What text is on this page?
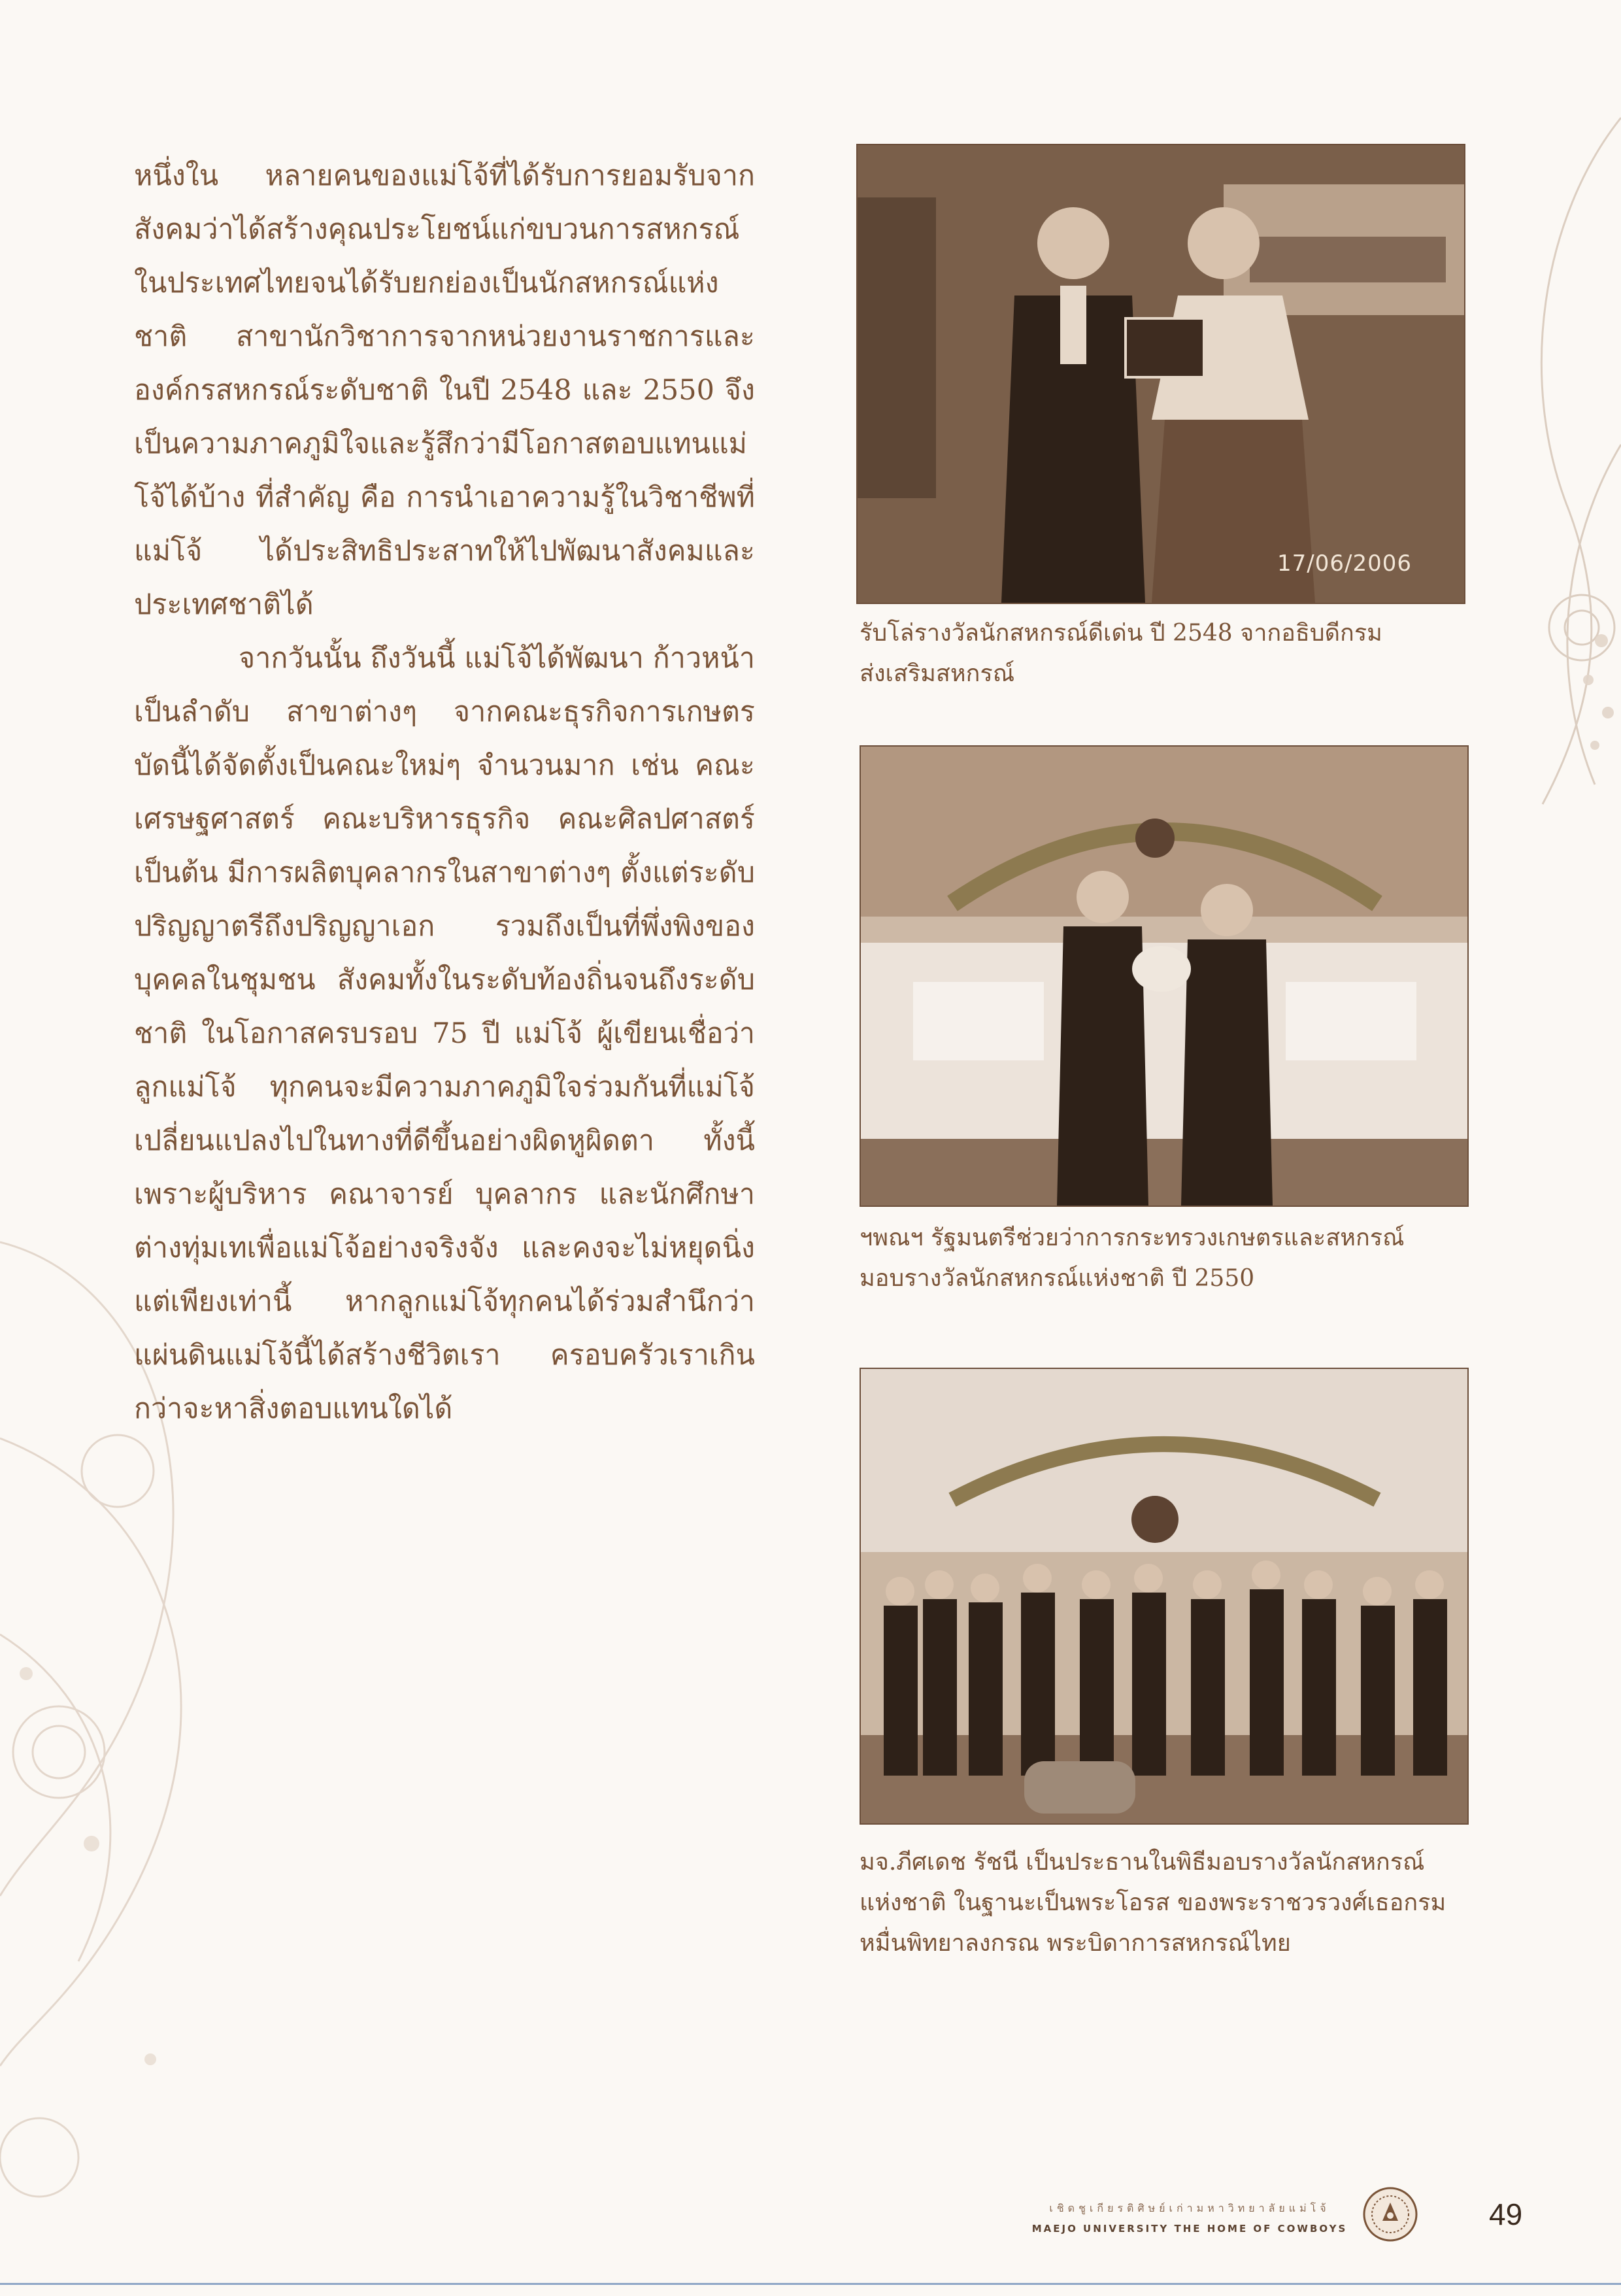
หนึ่งใน หลายคนของแม่โจ้ที่ได้รับการยอมรับจากสังคมว่าได้สร้างคุณประโยชน์แก่ขบวนการสหกรณ์ในประเทศไทยจนได้รับยกย่องเป็นนักสหกรณ์แห่งชาติ สาขานักวิชาการจากหน่วยงานราชการและองค์กรสหกรณ์ระดับชาติ ในปี 2548 และ 2550 จึงเป็นความภาคภูมิใจและรู้สึกว่ามีโอกาสตอบแทนแม่โจ้ได้บ้าง ที่สำคัญ คือ การนำเอาความรู้ในวิชาชีพที่แม่โจ้ ได้ประสิทธิประสาทให้ไปพัฒนาสังคมและประเทศชาติได้

จากวันนั้น ถึงวันนี้ แม่โจ้ได้พัฒนา ก้าวหน้าเป็นลำดับ สาขาต่างๆ จากคณะธุรกิจการเกษตรบัดนี้ได้จัดตั้งเป็นคณะใหม่ๆ จำนวนมาก เช่น คณะเศรษฐศาสตร์ คณะบริหารธุรกิจ คณะศิลปศาสตร์ เป็นต้น มีการผลิตบุคลากรในสาขาต่างๆ ตั้งแต่ระดับปริญญาตรีถึงปริญญาเอก รวมถึงเป็นที่พึ่งพิงของบุคคลในชุมชน สังคมทั้งในระดับท้องถิ่นจนถึงระดับชาติ ในโอกาสครบรอบ 75 ปี แม่โจ้ ผู้เขียนเชื่อว่า ลูกแม่โจ้ ทุกคนจะมีความภาคภูมิใจร่วมกันที่แม่โจ้เปลี่ยนแปลงไปในทางที่ดีขึ้นอย่างผิดหูผิดตา ทั้งนี้เพราะผู้บริหาร คณาจารย์ บุคลากร และนักศึกษาต่างทุ่มเทเพื่อแม่โจ้อย่างจริงจัง และคงจะไม่หยุดนิ่งแต่เพียงเท่านี้ หากลูกแม่โจ้ทุกคนได้ร่วมสำนึกว่าแผ่นดินแม่โจ้นี้ได้สร้างชีวิตเรา ครอบครัวเราเกินกว่าจะหาสิ่งตอบแทนใดได้

17/06/2006

รับโล่รางวัลนักสหกรณ์ดีเด่น ปี 2548 จากอธิบดีกรม

ส่งเสริมสหกรณ์

ฯพณฯ รัฐมนตรีช่วยว่าการกระทรวงเกษตรและสหกรณ์

มอบรางวัลนักสหกรณ์แห่งชาติ ปี 2550

มจ.ภีศเดช รัชนี เป็นประธานในพิธีมอบรางวัลนักสหกรณ์

แห่งชาติ ในฐานะเป็นพระโอรส ของพระราชวรวงศ์เธอกรม

หมื่นพิทยาลงกรณ พระบิดาการสหกรณ์ไทย

เชิดชูเกียรติศิษย์เก่ามหาวิทยาลัยแม่โจ้
MAEJO UNIVERSITY THE HOME OF COWBOYS	49
